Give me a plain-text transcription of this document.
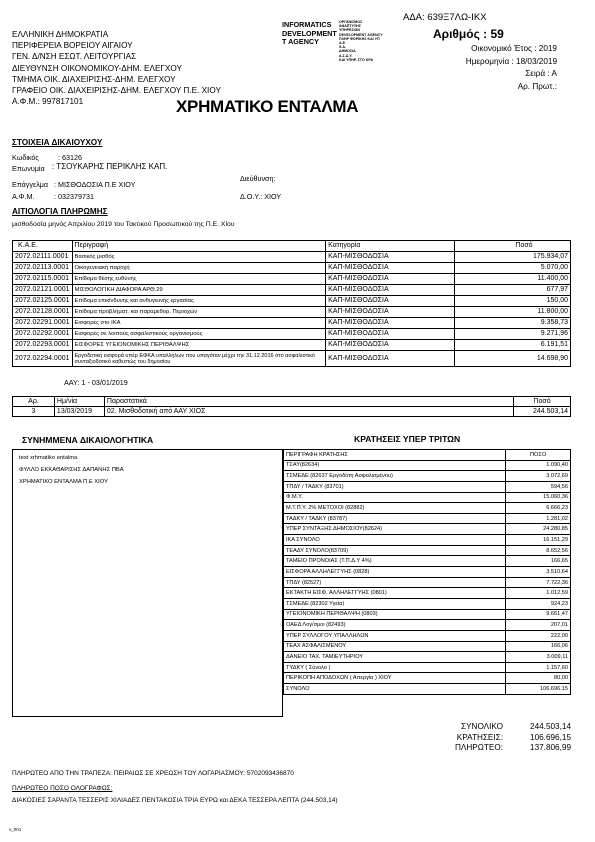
ΕΛΛΗΝΙΚΗ ΔΗΜΟΚΡΑΤΙΑ
ΠΕΡΙΦΕΡΕΙΑ ΒΟΡΕΙΟΥ ΑΙΓΑΙΟΥ
ΓΕΝ. Δ/ΝΣΗ ΕΣΩΤ. ΛΕΙΤΟΥΡΓΙΑΣ
ΔΙΕΥΘΥΝΣΗ ΟΙΚΟΝΟΜΙΚΟΥ-ΔΗΜ. ΕΛΕΓΧΟΥ
ΤΜΗΜΑ ΟΙΚ. ΔΙΑΧΕΙΡΙΣΗΣ-ΔΗΜ. ΕΛΕΓΧΟΥ
ΓΡΑΦΕΙΟ ΟΙΚ. ΔΙΑΧΕΙΡΙΣΗΣ-ΔΗΜ. ΕΛΕΓΧΟΥ Π.Ε. ΧΙΟΥ
Α.Φ.Μ.: 997817101
INFORMATICS
DEVELOPMENT
T AGENCY
ΟΡΓΑΝΙΣΜΟΣ
ΑΝΑΠΤΥΞΗΣ
ΥΠΗΡΕΣΙΩΝ
DEVELOPMENT AGENCY
ΠΛΗΡ ΦΟΡΙΚΗΣ ΚΑΙ ΥΠ
Α.Ε.
S.A.
ΔΗΜΟΣΙΑ
Α.Σ.Δ.Υ.
ΚΑΙ ΥΠΗΡ. ΣΤΟ ΚΡΑ
ΑΔΑ: 639Ξ7ΛΩ-ΙΚΧ
Αριθμός : 59
Οικονομικό Έτος : 2019
Ημερομηνία : 18/03/2019
Σειρά : Α
Αρ. Πρωτ.:
ΧΡΗΜΑΤΙΚΟ ΕΝΤΑΛΜΑ
ΣΤΟΙΧΕΙΑ ΔΙΚΑΙΟΥΧΟΥ
Κωδικός	: 63126
Επωνυμία : ΤΣΟΥΚΑΡΗΣ ΠΕΡΙΚΛΗΣ ΚΑΠ.
Επάγγελμα : ΜΙΣΘΟΔΟΣΙΑ Π.Ε ΧΙΟΥ
Διεύθυνση:
Α.Φ.Μ.	: 032379731	Δ.Ο.Υ.: ΧΙΟΥ
ΑΙΤΙΟΛΟΓΙΑ ΠΛΗΡΩΜΗΣ
μισθοδοσία μηνός Απριλίου 2019 του Τακτικού Προσωπικού της Π.Ε. Χίου
Κ.Α.Ε.	Περιγραφή	Κατηγορία	Ποσό
2072.02111.0001	Βασικός μισθός	ΚΑΠ-ΜΙΣΘΟΔΟΣΙΑ	175.934,07
2072.02113.0001	Οικογενειακή παροχή	ΚΑΠ-ΜΙΣΘΟΔΟΣΙΑ	5.070,00
2072.02115.0001	Επίδομα θέσης ευθύνης	ΚΑΠ-ΜΙΣΘΟΔΟΣΙΑ	11.400,00
2072.02121.0001	ΜΙΣΘΟΛΟΓΙΚΗ ΔΙΑΦΟΡΑ ΑΡΘ.29	ΚΑΠ-ΜΙΣΘΟΔΟΣΙΑ	677,97
2072.02125.0001	Επίδομα επικίνδυνης και ανθυγιεινής εργασίας	ΚΑΠ-ΜΙΣΘΟΔΟΣΙΑ	150,00
2072.02128.0001	Επίδομα προβλήματ. και παραμεθορ. Περιοχών	ΚΑΠ-ΜΙΣΘΟΔΟΣΙΑ	11.800,00
2072.02291.0001	Εισφορές στο ΙΚΑ	ΚΑΠ-ΜΙΣΘΟΔΟΣΙΑ	9.358,73
2072.02292.0001	Εισφορές σε λοιπούς ασφαλιστικούς οργανισμούς	ΚΑΠ-ΜΙΣΘΟΔΟΣΙΑ	9.271,96
2072.02293.0001	ΕΙΣΦΟΡΕΣ ΥΓΕΙΟΝΟΜΙΚΗΣ ΠΕΡΙΘΑΛΨΗΣ	ΚΑΠ-ΜΙΣΘΟΔΟΣΙΑ	6.191,51
2072.02294.0001	Εργοδοτική εισφορά υπέρ ΕΦΚΑ υπαλλήλων που υπαγόταν μέχρι την 31.12.2016 στο ασφαλιστικό συνταξιοδοτικό καθεστώς του δημοσίου	ΚΑΠ-ΜΙΣΘΟΔΟΣΙΑ	14.698,90
ΑΑΥ: 1 - 03/01/2019
Αρ.	Ημ/νία	Παραστατικά	Ποσό
3	13/03/2019	02. Μισθοδοτική από ΑΑΥ ΧΙΟΣ	244.503,14
ΣΥΝΗΜΜΕΝΑ ΔΙΚΑΙΟΛΟΓΗΤΙΚΑ	ΚΡΑΤΗΣΕΙΣ ΥΠΕΡ ΤΡΙΤΩΝ
test xrhmatiko entalma
ΦΥΛΛΟ ΕΚΚΑΘΑΡΙΣΗΣ ΔΑΠΑΝΗΣ ΠΒΑ
ΧΡΗΜΑΤΙΚΟ ΕΝΤΑΛΜΑ Π.Ε ΧΙΟΥ
ΠΕΡΙΓΡΑΦΗ ΚΡΑΤΗΣΗΣ	ΠΟΣΟ
ΤΣΑΥ(82634)	1.090,40
ΤΣΜΕΔΕ (82637 Εργοδότη Ασφαλισμένου)	3.072,69
ΤΠΔΥ / ΤΑΔΚΥ (83701)	594,56
Φ.Μ.Υ.	15.060,36
Μ.Τ.Π.Υ. 2% ΜΕΤΟΧΟΙ (82882)	6.666,23
ΤΑΔΚΥ / ΤΑΔΚΥ (83787)	1.281,02
ΥΠΕΡ ΣΥΝΤΑΞΗΣ ΔΗΜΟΣΙΟΥ(82624)	24.280,85
ΙΚΑ ΣΥΝΟΛΟ	16.151,29
ΤΕΑΔΥ ΣΥΝΟΛΟ(83709)	8.652,56
ΤΑΜΕΙΟ ΠΡΟΝΟΙΑΣ (Τ.Π.Δ.Υ 4%)	166,65
ΕΙΣΦΟΡΑ ΑΛΛΗΛΕΓΓΥΗΣ (0828)	3.510,64
ΤΠΔΥ (82527)	7.722,36
ΕΚΤΑΚΤΗ ΕΙΣΦ. ΑΛΛΗΛΕΓΓΥΗΣ (0801)	1.012,59
ΤΣΜΕΔΕ (82302 Υγεία)	924,23
ΥΓΕΙΟΝΟΜΙΚΗ ΠΕΡΙΘΑΛΨΗ (0803)	9.661,47
ΟΑΕΔ Λογ/σμοι (82493)	207,01
ΥΠΕΡ ΣΥΛΛΟΓΟΥ ΥΠΑΛΛΗΛΩΝ	222,00
ΤΕΑΧ ΑΣΦΑΛΙΣΜΕΝΟΥ	166,06
ΔΑΝΕΙΟ ΤΑΧ. ΤΑΜΙΕΥΤΗΡΙΟΥ	3.009,11
ΤΥΔΚΥ ( Σύνολο )	1.157,60
ΠΕΡΙΚΟΠΗ ΑΠΟΔΟΧΩΝ ( Απεργία ) ΧΙΟΥ	80,00
ΣΥΝΟΛΟ	106.696,15
ΣΥΝΟΛΙΚΟ	244.503,14
ΚΡΑΤΗΣΕΙΣ:	106.696,15
ΠΛΗΡΩΤΕΟ:	137.806,99
ΠΛΗΡΩΤΕΟ ΑΠΟ ΤΗΝ ΤΡΑΠΕΖΑ: ΠΕΙΡΑΙΩΣ ΣΕ ΧΡΕΩΣΗ ΤΟΥ ΛΟΓΑΡΙΑΣΜΟΥ: 5702093436870
ΠΛΗΡΩΤΕΟ ΠΟΣΟ ΟΛΟΓΡΑΦΩΣ:
ΔΙΑΚΟΣΙΕΣ ΣΑΡΑΝΤΑ ΤΕΣΣΕΡΙΣ ΧΙΛΙΑΔΕΣ ΠΕΝΤΑΚΟΣΙΑ ΤΡΙΑ ΕΥΡΩ και ΔΕΚΑ ΤΕΣΣΕΡΑ ΛΕΠΤΑ (244.503,14)
v_001
